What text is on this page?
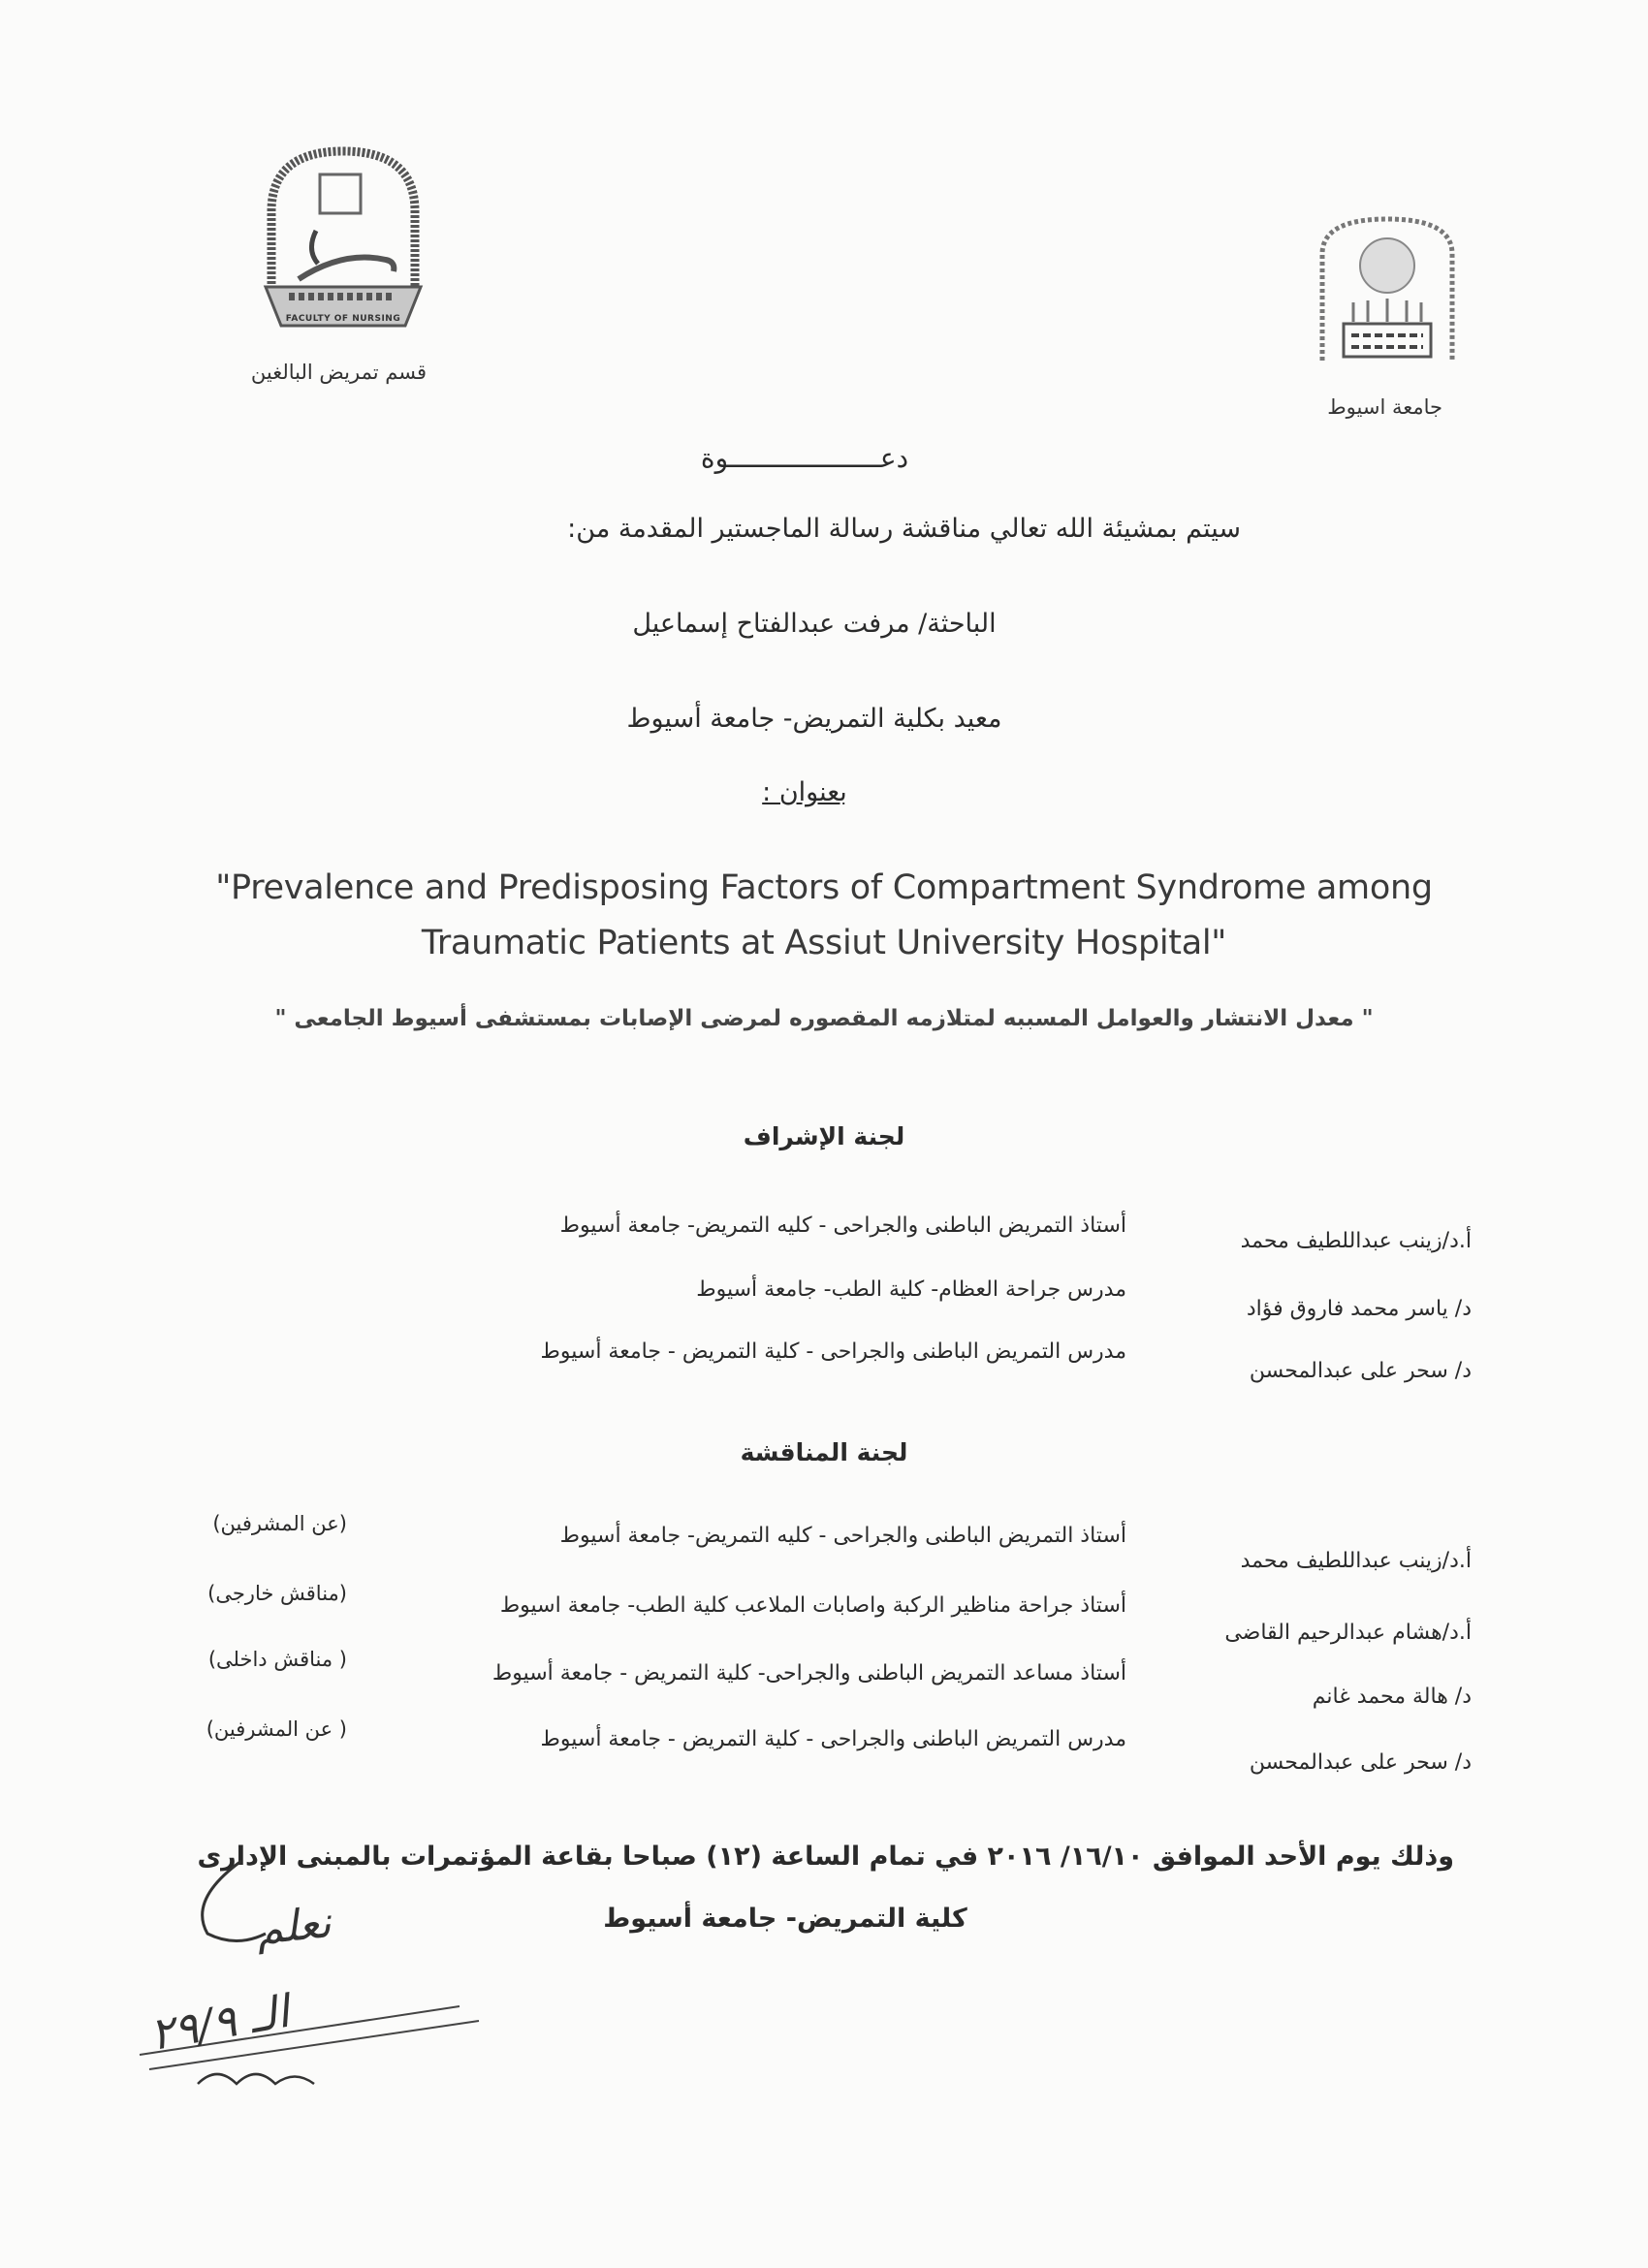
FACULTY OF NURSING
قسم تمريض البالغين
جامعة اسيوط
دعـــــــــــــــــــوة
سيتم بمشيئة الله تعالي مناقشة رسالة الماجستير المقدمة من:
الباحثة/ مرفت عبدالفتاح إسماعيل
معيد بكلية التمريض- جامعة أسيوط
بعنوان :
"Prevalence and Predisposing Factors of Compartment Syndrome among
Traumatic Patients at Assiut University Hospital"
" معدل الانتشار والعوامل المسببه لمتلازمه المقصوره لمرضى الإصابات بمستشفى أسيوط الجامعى "
لجنة الإشراف
أ.د/زينب عبداللطيف محمد
أستاذ التمريض الباطنى والجراحى - كليه التمريض- جامعة أسيوط
د/ ياسر محمد فاروق فؤاد
مدرس جراحة العظام- كلية الطب- جامعة أسيوط
د/ سحر على عبدالمحسن
مدرس التمريض الباطنى والجراحى - كلية التمريض - جامعة أسيوط
لجنة المناقشة
أ.د/زينب عبداللطيف محمد
أستاذ التمريض الباطنى والجراحى - كليه التمريض- جامعة أسيوط
(عن المشرفين)
أ.د/هشام عبدالرحيم القاضى
أستاذ جراحة مناظير الركبة واصابات الملاعب كلية الطب- جامعة اسيوط
(مناقش خارجى)
د/ هالة محمد غانم
أستاذ مساعد التمريض الباطنى والجراحى- كلية التمريض - جامعة أسيوط
( مناقش داخلى)
د/ سحر على عبدالمحسن
مدرس التمريض الباطنى والجراحى - كلية التمريض - جامعة أسيوط
( عن المشرفين)
وذلك يوم الأحد الموافق ١٦/١٠/ ٢٠١٦ في تمام الساعة (١٢) صباحا بقاعة المؤتمرات بالمبنى الإدارى
كلية التمريض- جامعة أسيوط
نعلم
الـ ٢٩/٩
